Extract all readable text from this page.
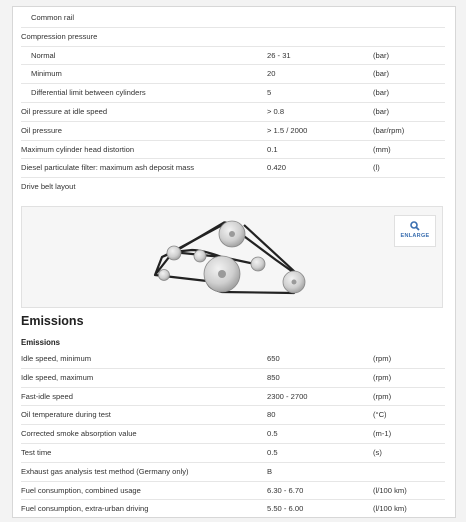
Common rail
Compression pressure
Normal	26 - 31	(bar)
Minimum	20	(bar)
Differential limit between cylinders	5	(bar)
Oil pressure at idle speed	> 0.8	(bar)
Oil pressure	> 1.5 / 2000	(bar/rpm)
Maximum cylinder head distortion	0.1	(mm)
Diesel particulate filter: maximum ash deposit mass	0.420	(l)
Drive belt layout
ENLARGE
Emissions
Emissions
Idle speed, minimum	650	(rpm)
Idle speed, maximum	850	(rpm)
Fast-idle speed	2300 - 2700	(rpm)
Oil temperature during test	80	(°C)
Corrected smoke absorption value	0.5	(m-1)
Test time	0.5	(s)
Exhaust gas analysis test method (Germany only)	B
Fuel consumption, combined usage	6.30 - 6.70	(l/100 km)
Fuel consumption, extra-urban driving	5.50 - 6.00	(l/100 km)
